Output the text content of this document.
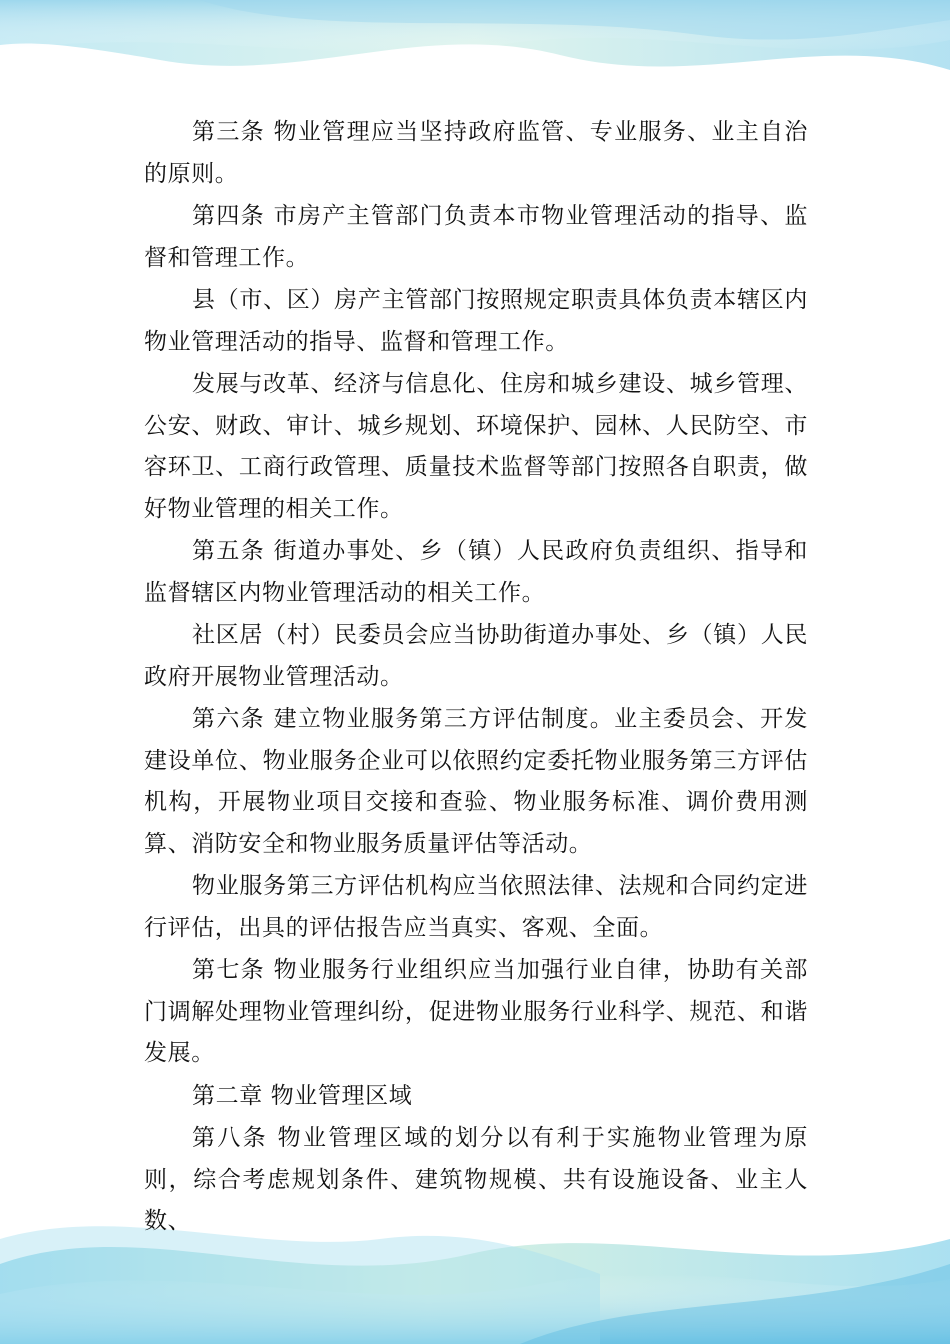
第三条 物业管理应当坚持政府监管、专业服务、业主自治的原则。

第四条 市房产主管部门负责本市物业管理活动的指导、监督和管理工作。

县（市、区）房产主管部门按照规定职责具体负责本辖区内物业管理活动的指导、监督和管理工作。

发展与改革、经济与信息化、住房和城乡建设、城乡管理、公安、财政、审计、城乡规划、环境保护、园林、人民防空、市容环卫、工商行政管理、质量技术监督等部门按照各自职责，做好物业管理的相关工作。

第五条 街道办事处、乡（镇）人民政府负责组织、指导和监督辖区内物业管理活动的相关工作。

社区居（村）民委员会应当协助街道办事处、乡（镇）人民政府开展物业管理活动。

第六条 建立物业服务第三方评估制度。业主委员会、开发建设单位、物业服务企业可以依照约定委托物业服务第三方评估机构，开展物业项目交接和查验、物业服务标准、调价费用测算、消防安全和物业服务质量评估等活动。

物业服务第三方评估机构应当依照法律、法规和合同约定进行评估，出具的评估报告应当真实、客观、全面。

第七条 物业服务行业组织应当加强行业自律，协助有关部门调解处理物业管理纠纷，促进物业服务行业科学、规范、和谐发展。

第二章 物业管理区域

第八条 物业管理区域的划分以有利于实施物业管理为原则，综合考虑规划条件、建筑物规模、共有设施设备、业主人数、
